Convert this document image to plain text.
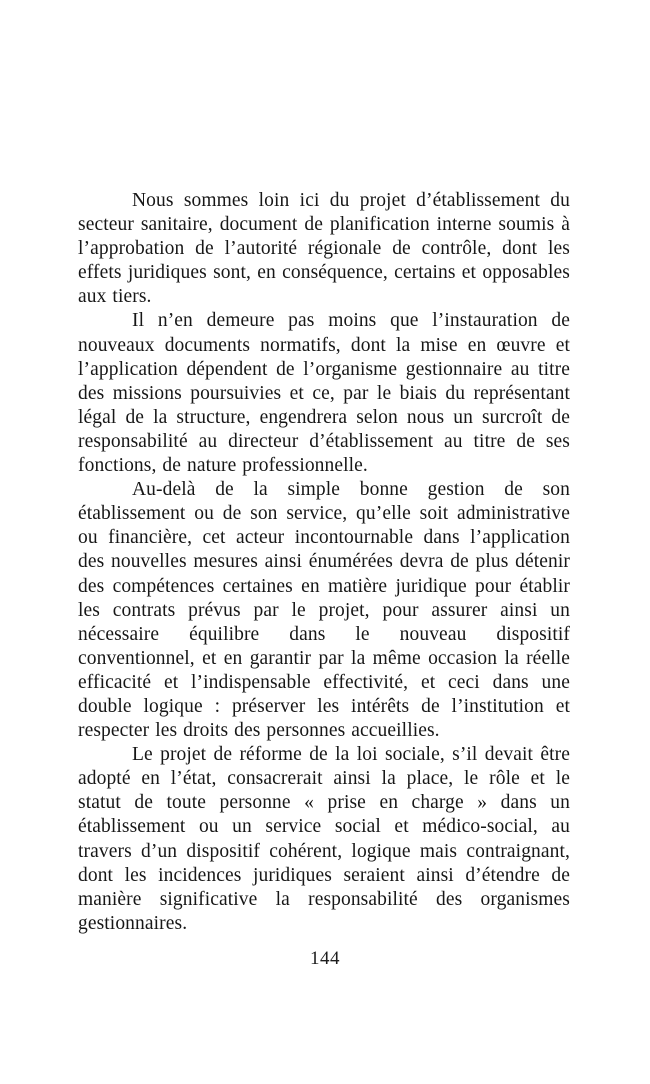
Nous sommes loin ici du projet d’établissement du secteur sanitaire, document de planification interne soumis à l’approbation de l’autorité régionale de contrôle, dont les effets juridiques sont, en conséquence, certains et opposables aux tiers.

Il n’en demeure pas moins que l’instauration de nouveaux documents normatifs, dont la mise en œuvre et l’application dépendent de l’organisme gestionnaire au titre des missions poursuivies et ce, par le biais du représentant légal de la structure, engendrera selon nous un surcroît de responsabilité au directeur d’établissement au titre de ses fonctions, de nature professionnelle.

Au-delà de la simple bonne gestion de son établissement ou de son service, qu’elle soit administrative ou financière, cet acteur incontournable dans l’application des nouvelles mesures ainsi énumérées devra de plus détenir des compétences certaines en matière juridique pour établir les contrats prévus par le projet, pour assurer ainsi un nécessaire équilibre dans le nouveau dispositif conventionnel, et en garantir par la même occasion la réelle efficacité et l’indispensable effectivité, et ceci dans une double logique : préserver les intérêts de l’institution et respecter les droits des personnes accueillies.

Le projet de réforme de la loi sociale, s’il devait être adopté en l’état, consacrerait ainsi la place, le rôle et le statut de toute personne « prise en charge » dans un établissement ou un service social et médico-social, au travers d’un dispositif cohérent, logique mais contraignant, dont les incidences juridiques seraient ainsi d’étendre de manière significative la responsabilité des organismes gestionnaires.

144
